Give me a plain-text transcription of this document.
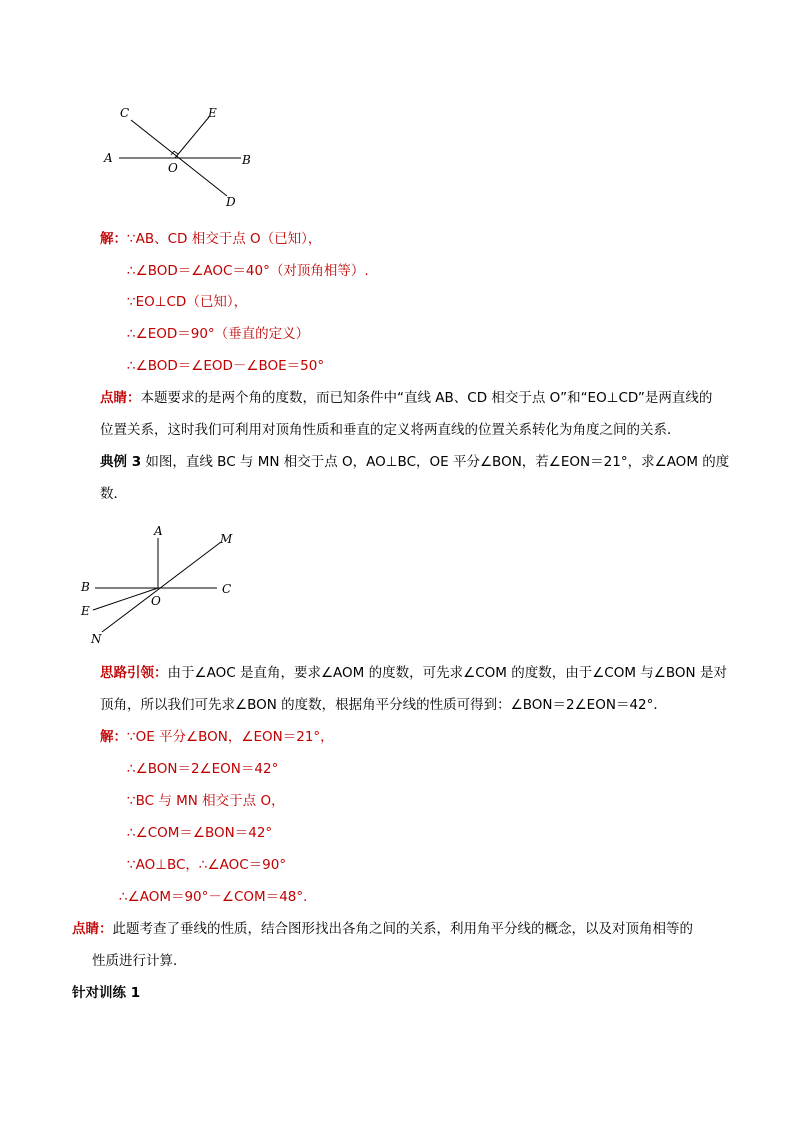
C	E
A
O
B
D
解：∵AB、CD 相交于点 O（已知），
∴∠BOD＝∠AOC＝40°（对顶角相等）.
∵EO⊥CD（已知），
∴∠EOD＝90°（垂直的定义）
∴∠BOD＝∠EOD－∠BOE＝50°
点睛：本题要求的是两个角的度数，而已知条件中“直线 AB、CD 相交于点 O”和“EO⊥CD”是两直线的
位置关系，这时我们可利用对顶角性质和垂直的定义将两直线的位置关系转化为角度之间的关系．
典例 3 如图，直线 BC 与 MN 相交于点 O，AO⊥BC，OE 平分∠BON，若∠EON＝21°，求∠AOM 的度
数．
A
M
B
O
C
E
N
思路引领：由于∠AOC 是直角，要求∠AOM 的度数，可先求∠COM 的度数，由于∠COM 与∠BON 是对
顶角，所以我们可先求∠BON 的度数，根据角平分线的性质可得到：∠BON＝2∠EON＝42°．
解：∵OE 平分∠BON，∠EON＝21°，
∴∠BON＝2∠EON＝42°
∵BC 与 MN 相交于点 O，
∴∠COM＝∠BON＝42°
∵AO⊥BC，∴∠AOC＝90°
∴∠AOM＝90°－∠COM＝48°．
点睛：此题考查了垂线的性质，结合图形找出各角之间的关系，利用角平分线的概念，以及对顶角相等的
性质进行计算．
针对训练 1
